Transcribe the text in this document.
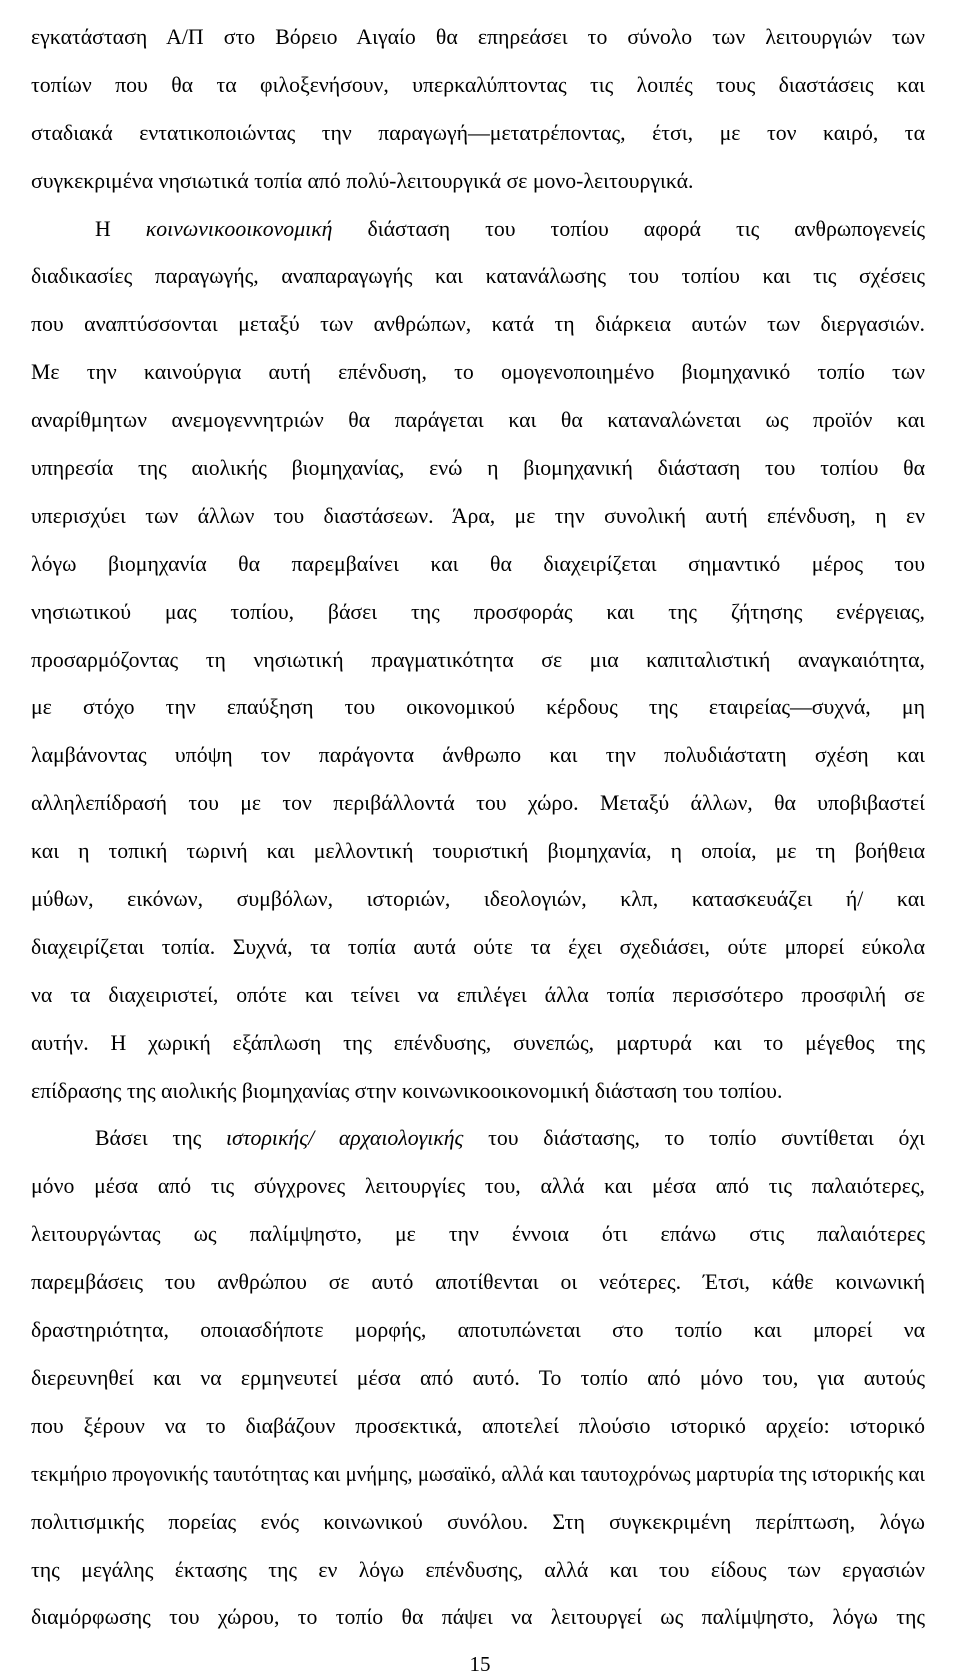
εγκατάσταση Α/Π στο Βόρειο Αιγαίο θα επηρεάσει το σύνολο των λειτουργιών των
τοπίων που θα τα φιλοξενήσουν, υπερκαλύπτοντας τις λοιπές τους διαστάσεις και
σταδιακά εντατικοποιώντας την παραγωγή—μετατρέποντας, έτσι, με τον καιρό, τα
συγκεκριμένα νησιωτικά τοπία από πολύ-λειτουργικά σε μονο-λειτουργικά.
Η κοινωνικοοικονομική διάσταση του τοπίου αφορά τις ανθρωπογενείς
διαδικασίες παραγωγής, αναπαραγωγής και κατανάλωσης του τοπίου και τις σχέσεις
που αναπτύσσονται μεταξύ των ανθρώπων, κατά τη διάρκεια αυτών των διεργασιών.
Με την καινούργια αυτή επένδυση, το ομογενοποιημένο βιομηχανικό τοπίο των
αναρίθμητων ανεμογεννητριών θα παράγεται και θα καταναλώνεται ως προϊόν και
υπηρεσία της αιολικής βιομηχανίας, ενώ η βιομηχανική διάσταση του τοπίου θα
υπερισχύει των άλλων του διαστάσεων. Άρα, με την συνολική αυτή επένδυση, η εν
λόγω βιομηχανία θα παρεμβαίνει και θα διαχειρίζεται σημαντικό μέρος του
νησιωτικού μας τοπίου, βάσει της προσφοράς και της ζήτησης ενέργειας,
προσαρμόζοντας τη νησιωτική πραγματικότητα σε μια καπιταλιστική αναγκαιότητα,
με στόχο την επαύξηση του οικονομικού κέρδους της εταιρείας—συχνά, μη
λαμβάνοντας υπόψη τον παράγοντα άνθρωπο και την πολυδιάστατη σχέση και
αλληλεπίδρασή του με τον περιβάλλοντά του χώρο. Μεταξύ άλλων, θα υποβιβαστεί
και η τοπική τωρινή και μελλοντική τουριστική βιομηχανία, η οποία, με τη βοήθεια
μύθων, εικόνων, συμβόλων, ιστοριών, ιδεολογιών, κλπ, κατασκευάζει ή/ και
διαχειρίζεται τοπία. Συχνά, τα τοπία αυτά ούτε τα έχει σχεδιάσει, ούτε μπορεί εύκολα
να τα διαχειριστεί, οπότε και τείνει να επιλέγει άλλα τοπία περισσότερο προσφιλή σε
αυτήν. Η χωρική εξάπλωση της επένδυσης, συνεπώς, μαρτυρά και το μέγεθος της
επίδρασης της αιολικής βιομηχανίας στην κοινωνικοοικονομική διάσταση του τοπίου.
Βάσει της ιστορικής/ αρχαιολογικής του διάστασης, το τοπίο συντίθεται όχι
μόνο μέσα από τις σύγχρονες λειτουργίες του, αλλά και μέσα από τις παλαιότερες,
λειτουργώντας ως παλίμψηστο, με την έννοια ότι επάνω στις παλαιότερες
παρεμβάσεις του ανθρώπου σε αυτό αποτίθενται οι νεότερες. Έτσι, κάθε κοινωνική
δραστηριότητα, οποιασδήποτε μορφής, αποτυπώνεται στο τοπίο και μπορεί να
διερευνηθεί και να ερμηνευτεί μέσα από αυτό. Το τοπίο από μόνο του, για αυτούς
που ξέρουν να το διαβάζουν προσεκτικά, αποτελεί πλούσιο ιστορικό αρχείο: ιστορικό
τεκμήριο προγονικής ταυτότητας και μνήμης, μωσαϊκό, αλλά και ταυτοχρόνως μαρτυρία της ιστορικής και
πολιτισμικής πορείας ενός κοινωνικού συνόλου. Στη συγκεκριμένη περίπτωση, λόγω
της μεγάλης έκτασης της εν λόγω επένδυσης, αλλά και του είδους των εργασιών
διαμόρφωσης του χώρου, το τοπίο θα πάψει να λειτουργεί ως παλίμψηστο, λόγω της
15
